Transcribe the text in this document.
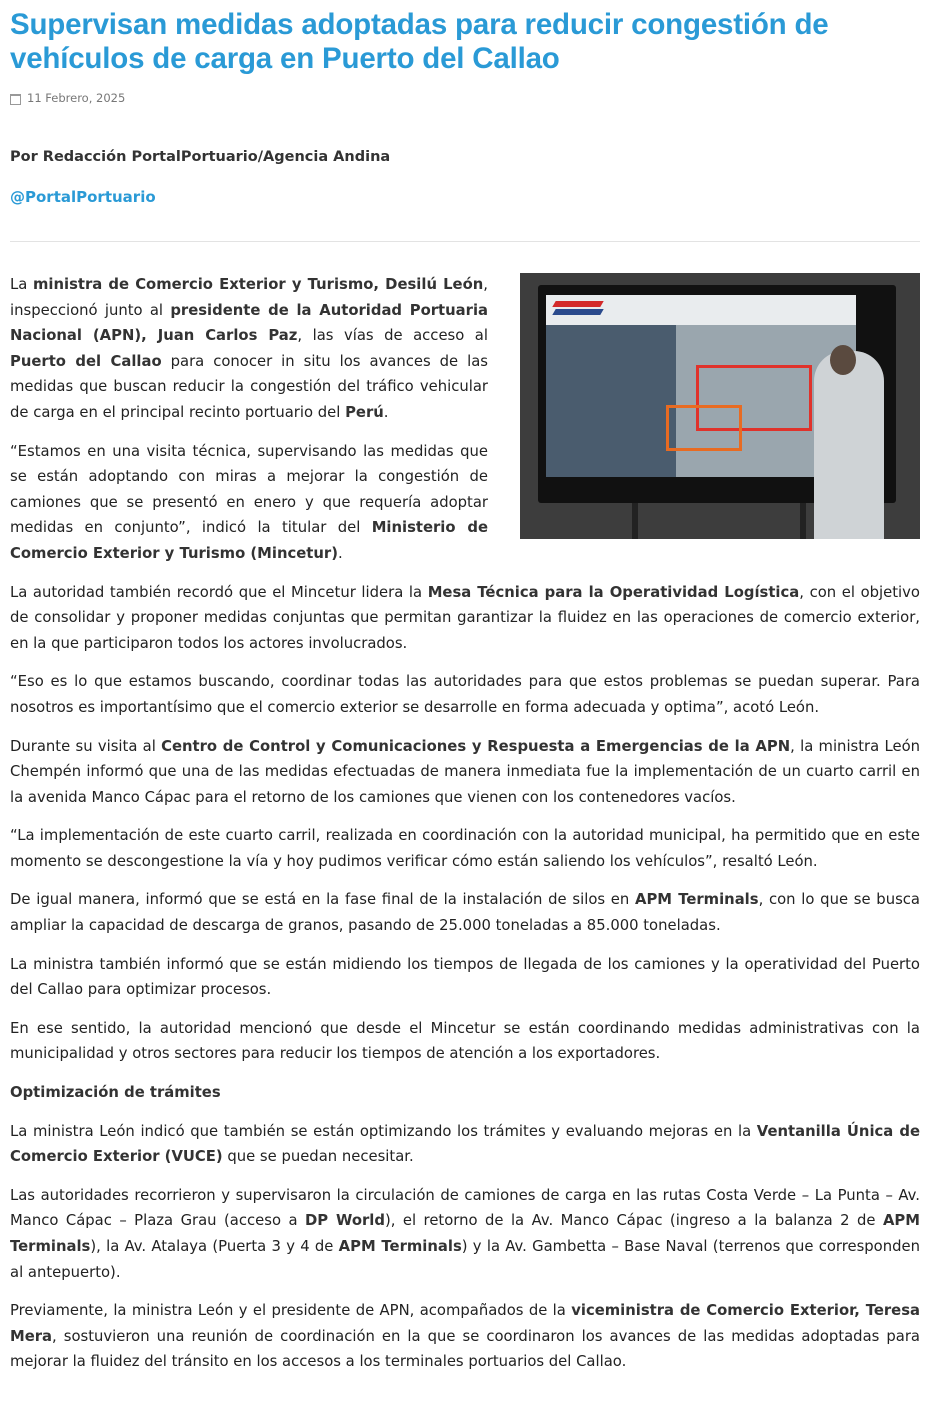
Supervisan medidas adoptadas para reducir congestión de vehículos de carga en Puerto del Callao
11 Febrero, 2025
Por Redacción PortalPortuario/Agencia Andina
@PortalPortuario

La ministra de Comercio Exterior y Turismo, Desilú León, inspeccionó junto al presidente de la Autoridad Portuaria Nacional (APN), Juan Carlos Paz, las vías de acceso al Puerto del Callao para conocer in situ los avances de las medidas que buscan reducir la congestión del tráfico vehicular de carga en el principal recinto portuario del Perú.

“Estamos en una visita técnica, supervisando las medidas que se están adoptando con miras a mejorar la congestión de camiones que se presentó en enero y que requería adoptar medidas en conjunto”, indicó la titular del Ministerio de Comercio Exterior y Turismo (Mincetur).

La autoridad también recordó que el Mincetur lidera la Mesa Técnica para la Operatividad Logística, con el objetivo de consolidar y proponer medidas conjuntas que permitan garantizar la fluidez en las operaciones de comercio exterior, en la que participaron todos los actores involucrados.

“Eso es lo que estamos buscando, coordinar todas las autoridades para que estos problemas se puedan superar. Para nosotros es importantísimo que el comercio exterior se desarrolle en forma adecuada y optima”, acotó León.

Durante su visita al Centro de Control y Comunicaciones y Respuesta a Emergencias de la APN, la ministra León Chempén informó que una de las medidas efectuadas de manera inmediata fue la implementación de un cuarto carril en la avenida Manco Cápac para el retorno de los camiones que vienen con los contenedores vacíos.

“La implementación de este cuarto carril, realizada en coordinación con la autoridad municipal, ha permitido que en este momento se descongestione la vía y hoy pudimos verificar cómo están saliendo los vehículos”, resaltó León.

De igual manera, informó que se está en la fase final de la instalación de silos en APM Terminals, con lo que se busca ampliar la capacidad de descarga de granos, pasando de 25.000 toneladas a 85.000 toneladas.

La ministra también informó que se están midiendo los tiempos de llegada de los camiones y la operatividad del Puerto del Callao para optimizar procesos.

En ese sentido, la autoridad mencionó que desde el Mincetur se están coordinando medidas administrativas con la municipalidad y otros sectores para reducir los tiempos de atención a los exportadores.

Optimización de trámites

La ministra León indicó que también se están optimizando los trámites y evaluando mejoras en la Ventanilla Única de Comercio Exterior (VUCE) que se puedan necesitar.

Las autoridades recorrieron y supervisaron la circulación de camiones de carga en las rutas Costa Verde – La Punta – Av. Manco Cápac – Plaza Grau (acceso a DP World), el retorno de la Av. Manco Cápac (ingreso a la balanza 2 de APM Terminals), la Av. Atalaya (Puerta 3 y 4 de APM Terminals) y la Av. Gambetta – Base Naval (terrenos que corresponden al antepuerto).

Previamente, la ministra León y el presidente de APN, acompañados de la viceministra de Comercio Exterior, Teresa Mera, sostuvieron una reunión de coordinación en la que se coordinaron los avances de las medidas adoptadas para mejorar la fluidez del tránsito en los accesos a los terminales portuarios del Callao.
